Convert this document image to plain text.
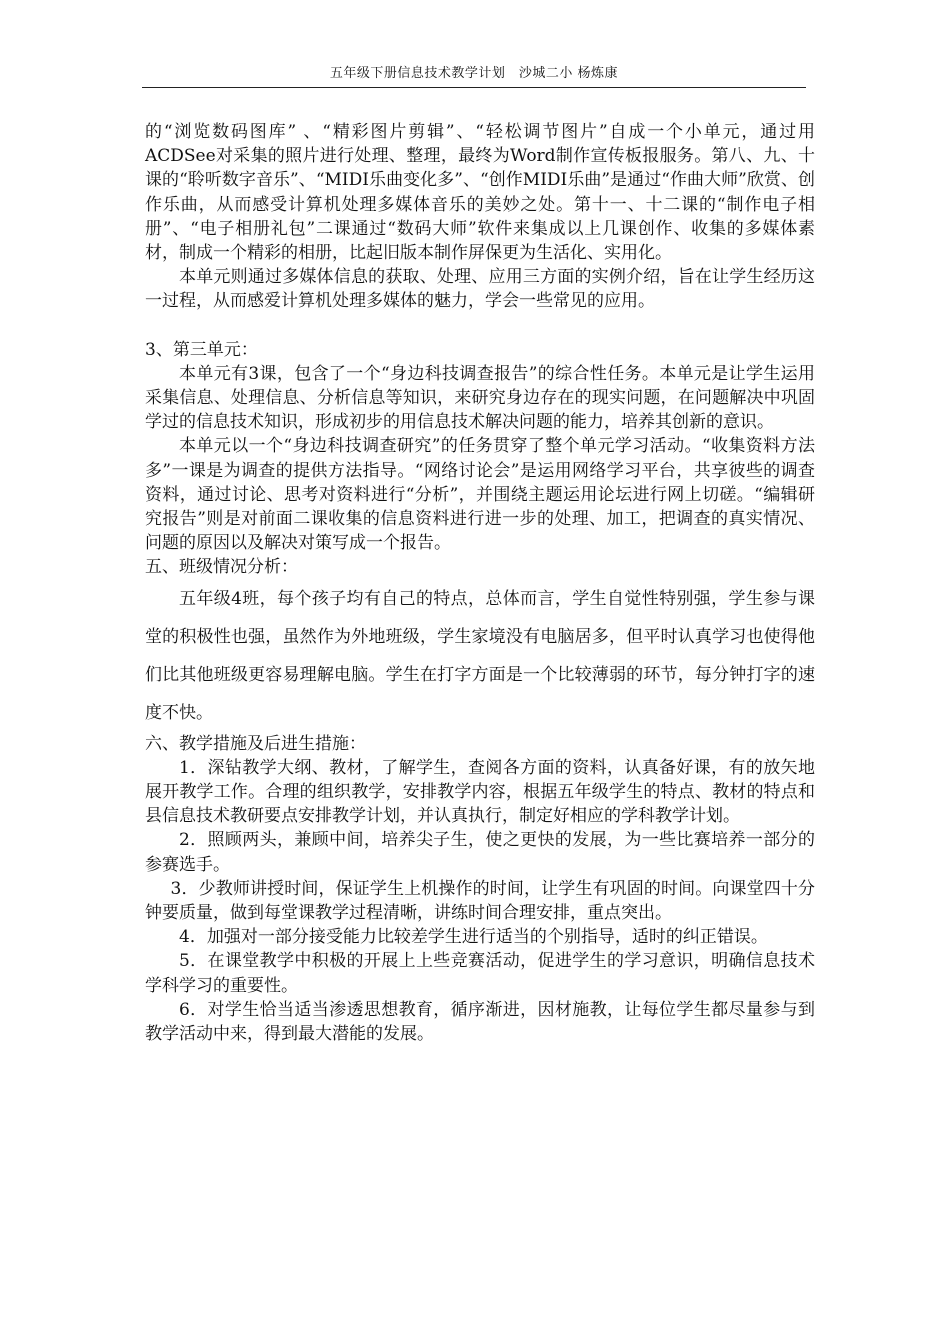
五年级下册信息技术教学计划　沙城二小 杨炼康

的“浏览数码图库” 、“精彩图片剪辑”、“轻松调节图片”自成一个小单元，通过用ACDSee对采集的照片进行处理、整理，最终为Word制作宣传板报服务。第八、九、十课的“聆听数字音乐”、“MIDI乐曲变化多”、“创作MIDI乐曲”是通过“作曲大师”欣赏、创作乐曲，从而感受计算机处理多媒体音乐的美妙之处。第十一、十二课的“制作电子相册”、“电子相册礼包”二课通过“数码大师”软件来集成以上几课创作、收集的多媒体素材，制成一个精彩的相册，比起旧版本制作屏保更为生活化、实用化。

本单元则通过多媒体信息的获取、处理、应用三方面的实例介绍，旨在让学生经历这一过程，从而感爱计算机处理多媒体的魅力，学会一些常见的应用。

3、第三单元：

本单元有3课，包含了一个“身边科技调查报告”的综合性任务。本单元是让学生运用采集信息、处理信息、分析信息等知识，来研究身边存在的现实问题，在问题解决中巩固学过的信息技术知识，形成初步的用信息技术解决问题的能力，培养其创新的意识。

本单元以一个“身边科技调查研究”的任务贯穿了整个单元学习活动。“收集资料方法多”一课是为调查的提供方法指导。“网络讨论会”是运用网络学习平台，共享彼些的调查资料，通过讨论、思考对资料进行“分析”，并围绕主题运用论坛进行网上切磋。“编辑研究报告”则是对前面二课收集的信息资料进行进一步的处理、加工，把调查的真实情况、问题的原因以及解决对策写成一个报告。

五、班级情况分析：

五年级4班，每个孩子均有自己的特点，总体而言，学生自觉性特别强，学生参与课堂的积极性也强，虽然作为外地班级，学生家境没有电脑居多，但平时认真学习也使得他们比其他班级更容易理解电脑。学生在打字方面是一个比较薄弱的环节，每分钟打字的速度不快。

六、教学措施及后进生措施：

1．深钻教学大纲、教材，了解学生，查阅各方面的资料，认真备好课，有的放矢地展开教学工作。合理的组织教学，安排教学内容，根据五年级学生的特点、教材的特点和县信息技术教研要点安排教学计划，并认真执行，制定好相应的学科教学计划。

2．照顾两头，兼顾中间，培养尖子生，使之更快的发展，为一些比赛培养一部分的参赛选手。

3．少教师讲授时间，保证学生上机操作的时间，让学生有巩固的时间。向课堂四十分钟要质量，做到每堂课教学过程清晰，讲练时间合理安排，重点突出。

4．加强对一部分接受能力比较差学生进行适当的个别指导，适时的纠正错误。

5．在课堂教学中积极的开展上上些竞赛活动，促进学生的学习意识，明确信息技术学科学习的重要性。

6．对学生恰当适当渗透思想教育，循序渐进，因材施教，让每位学生都尽量参与到教学活动中来，得到最大潜能的发展。
